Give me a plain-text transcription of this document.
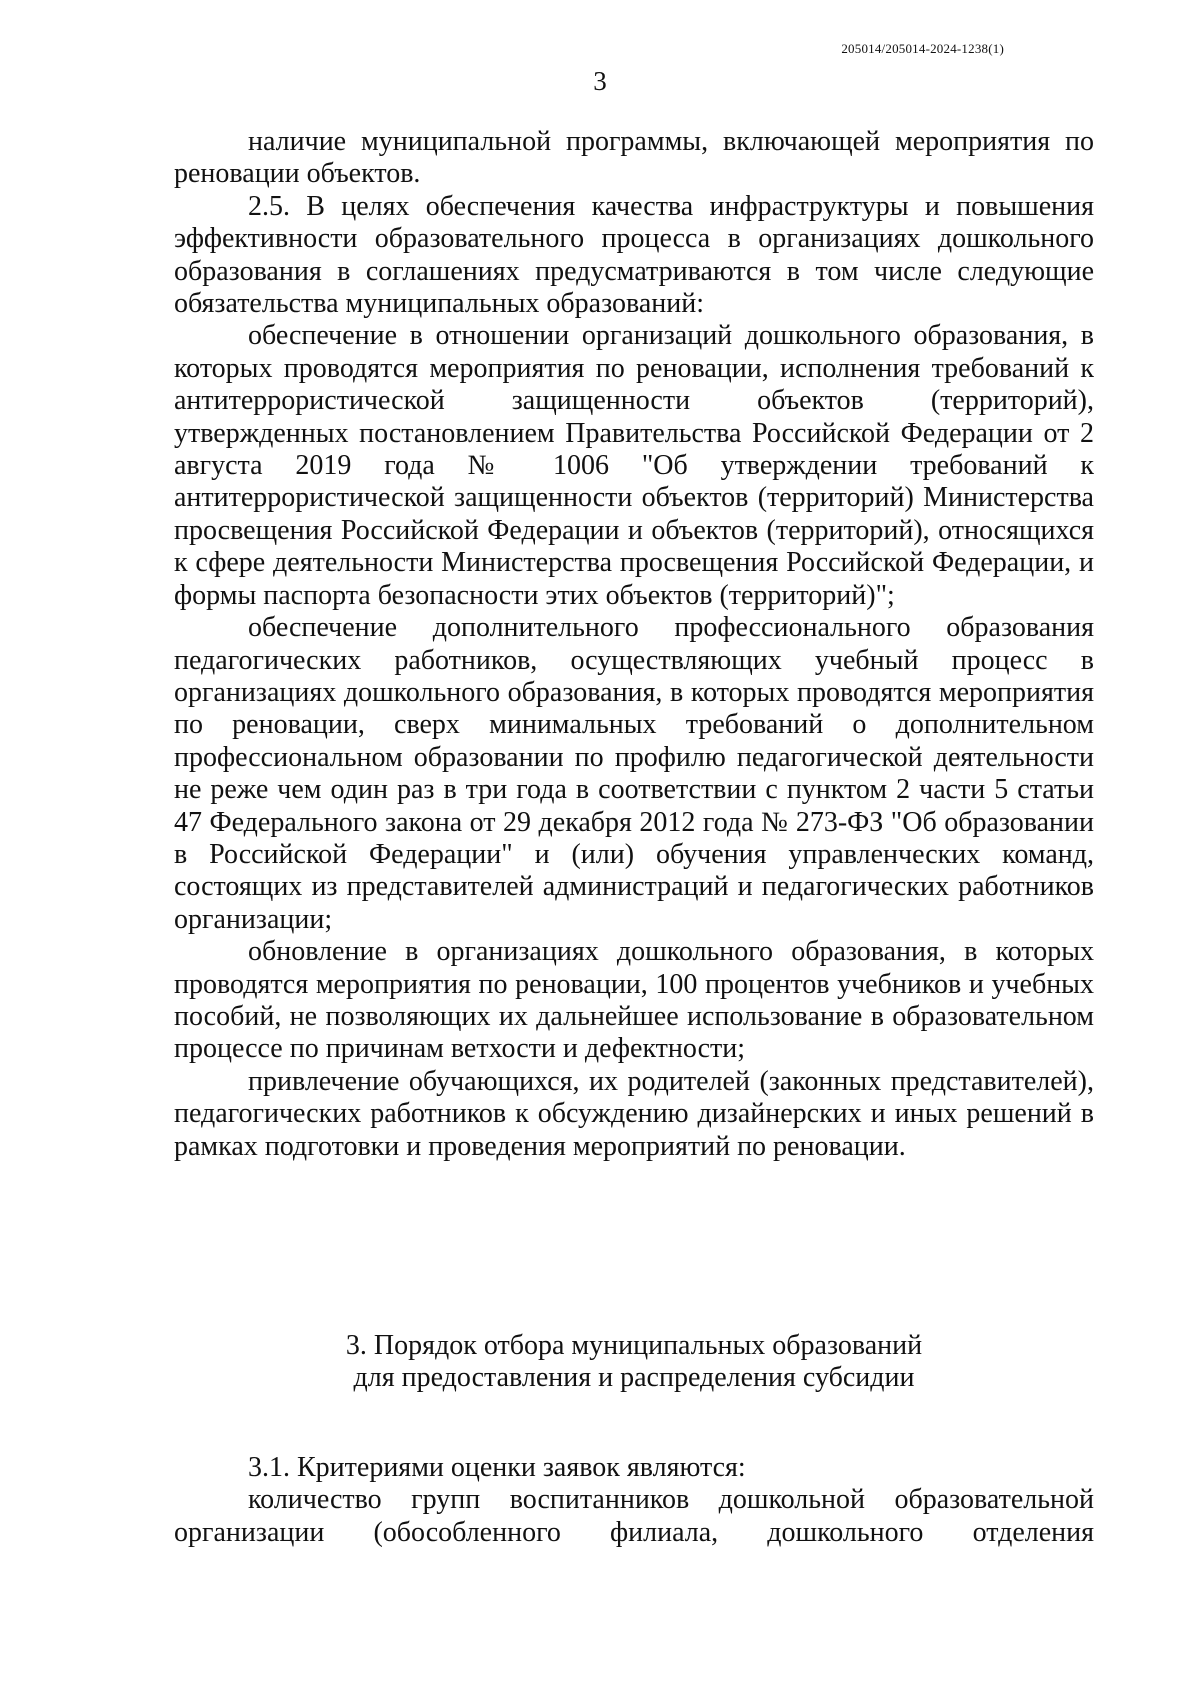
205014/205014-2024-1238(1)
3

наличие муниципальной программы, включающей мероприятия по реновации объектов.

2.5. В целях обеспечения качества инфраструктуры и повышения эффективности образовательного процесса в организациях дошкольного образования в соглашениях предусматриваются в том числе следующие обязательства муниципальных образований:

обеспечение в отношении организаций дошкольного образования, в которых проводятся мероприятия по реновации, исполнения требований к антитеррористической защищенности объектов (территорий), утвержденных постановлением Правительства Российской Федерации от 2 августа 2019 года № 1006 "Об утверждении требований к антитеррористической защищенности объектов (территорий) Министерства просвещения Российской Федерации и объектов (территорий), относящихся к сфере деятельности Министерства просвещения Российской Федерации, и формы паспорта безопасности этих объектов (территорий)";

обеспечение дополнительного профессионального образования педагогических работников, осуществляющих учебный процесс в организациях дошкольного образования, в которых проводятся мероприятия по реновации, сверх минимальных требований о дополнительном профессиональном образовании по профилю педагогической деятельности не реже чем один раз в три года в соответствии с пунктом 2 части 5 статьи 47 Федерального закона от 29 декабря 2012 года № 273-ФЗ "Об образовании в Российской Федерации" и (или) обучения управленческих команд, состоящих из представителей администраций и педагогических работников организации;

обновление в организациях дошкольного образования, в которых проводятся мероприятия по реновации, 100 процентов учебников и учебных пособий, не позволяющих их дальнейшее использование в образовательном процессе по причинам ветхости и дефектности;

привлечение обучающихся, их родителей (законных представителей), педагогических работников к обсуждению дизайнерских и иных решений в рамках подготовки и проведения мероприятий по реновации.

3. Порядок отбора муниципальных образований
для предоставления и распределения субсидии

3.1. Критериями оценки заявок являются:

количество групп воспитанников дошкольной образовательной организации (обособленного филиала, дошкольного отделения
